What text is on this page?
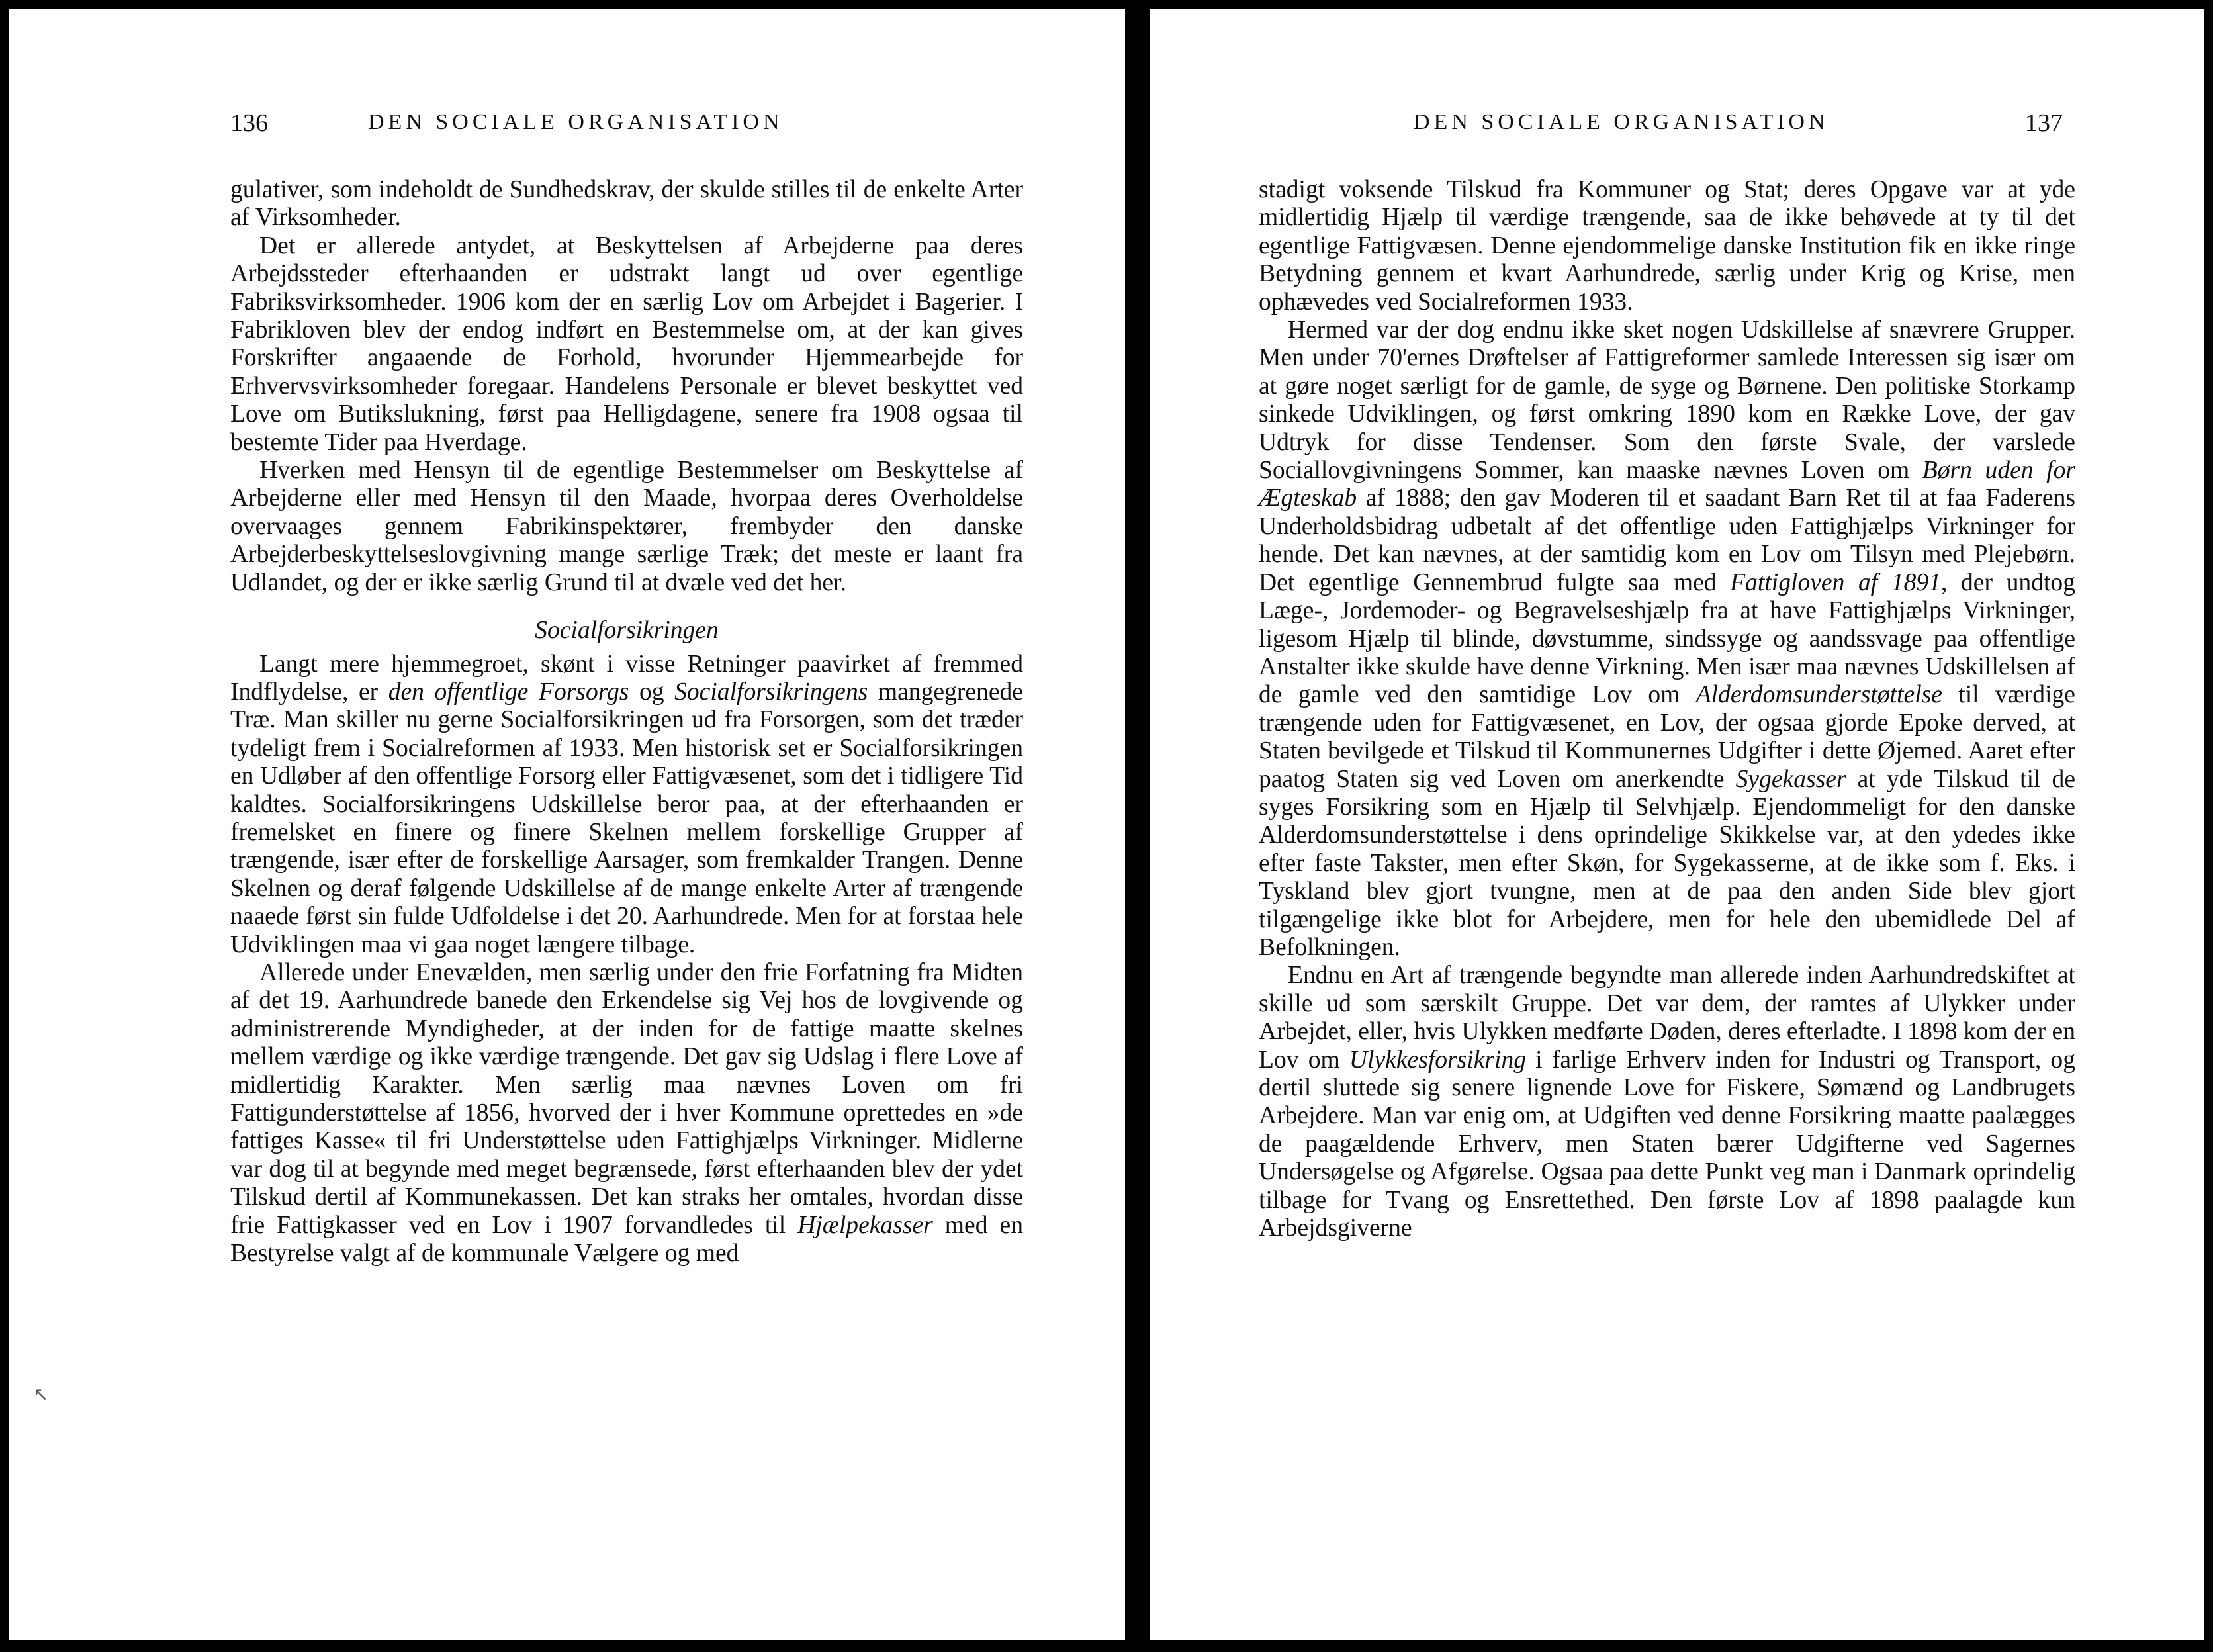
136	DEN SOCIALE ORGANISATION

gulativer, som indeholdt de Sundhedskrav, der skulde stilles til de enkelte Arter af Virksomheder.

Det er allerede antydet, at Beskyttelsen af Arbejderne paa deres Arbejdssteder efterhaanden er udstrakt langt ud over egentlige Fabriksvirksomheder. 1906 kom der en særlig Lov om Arbejdet i Bagerier. I Fabrikloven blev der endog indført en Bestemmelse om, at der kan gives Forskrifter angaaende de Forhold, hvorunder Hjemmearbejde for Erhvervsvirksomheder foregaar. Handelens Personale er blevet beskyttet ved Love om Butikslukning, først paa Helligdagene, senere fra 1908 ogsaa til bestemte Tider paa Hverdage.

Hverken med Hensyn til de egentlige Bestemmelser om Beskyttelse af Arbejderne eller med Hensyn til den Maade, hvorpaa deres Overholdelse overvaages gennem Fabrikinspektører, frembyder den danske Arbejderbeskyttelseslovgivning mange særlige Træk; det meste er laant fra Udlandet, og der er ikke særlig Grund til at dvæle ved det her.

Socialforsikringen

Langt mere hjemmegroet, skønt i visse Retninger paavirket af fremmed Indflydelse, er den offentlige Forsorgs og Socialforsikringens mangegrenede Træ. Man skiller nu gerne Socialforsikringen ud fra Forsorgen, som det træder tydeligt frem i Socialreformen af 1933. Men historisk set er Socialforsikringen en Udløber af den offentlige Forsorg eller Fattigvæsenet, som det i tidligere Tid kaldtes. Socialforsikringens Udskillelse beror paa, at der efterhaanden er fremelsket en finere og finere Skelnen mellem forskellige Grupper af trængende, især efter de forskellige Aarsager, som fremkalder Trangen. Denne Skelnen og deraf følgende Udskillelse af de mange enkelte Arter af trængende naaede først sin fulde Udfoldelse i det 20. Aarhundrede. Men for at forstaa hele Udviklingen maa vi gaa noget længere tilbage.

Allerede under Enevælden, men særlig under den frie Forfatning fra Midten af det 19. Aarhundrede banede den Erkendelse sig Vej hos de lovgivende og administrerende Myndigheder, at der inden for de fattige maatte skelnes mellem værdige og ikke værdige trængende. Det gav sig Udslag i flere Love af midlertidig Karakter. Men særlig maa nævnes Loven om fri Fattigunderstøttelse af 1856, hvorved der i hver Kommune oprettedes en »de fattiges Kasse« til fri Understøttelse uden Fattighjælps Virkninger. Midlerne var dog til at begynde med meget begrænsede, først efterhaanden blev der ydet Tilskud dertil af Kommunekassen. Det kan straks her omtales, hvordan disse frie Fattigkasser ved en Lov i 1907 forvandledes til Hjælpekasser med en Bestyrelse valgt af de kommunale Vælgere og med

↖
DEN SOCIALE ORGANISATION	137

stadigt voksende Tilskud fra Kommuner og Stat; deres Opgave var at yde midlertidig Hjælp til værdige trængende, saa de ikke behøvede at ty til det egentlige Fattigvæsen. Denne ejendommelige danske Institution fik en ikke ringe Betydning gennem et kvart Aarhundrede, særlig under Krig og Krise, men ophævedes ved Socialreformen 1933.

Hermed var der dog endnu ikke sket nogen Udskillelse af snævrere Grupper. Men under 70'ernes Drøftelser af Fattigreformer samlede Interessen sig især om at gøre noget særligt for de gamle, de syge og Børnene. Den politiske Storkamp sinkede Udviklingen, og først omkring 1890 kom en Række Love, der gav Udtryk for disse Tendenser. Som den første Svale, der varslede Sociallovgivningens Sommer, kan maaske nævnes Loven om Børn uden for Ægteskab af 1888; den gav Moderen til et saadant Barn Ret til at faa Faderens Underholdsbidrag udbetalt af det offentlige uden Fattighjælps Virkninger for hende. Det kan nævnes, at der samtidig kom en Lov om Tilsyn med Plejebørn. Det egentlige Gennembrud fulgte saa med Fattigloven af 1891, der undtog Læge-, Jordemoder- og Begravelseshjælp fra at have Fattighjælps Virkninger, ligesom Hjælp til blinde, døvstumme, sindssyge og aandssvage paa offentlige Anstalter ikke skulde have denne Virkning. Men især maa nævnes Udskillelsen af de gamle ved den samtidige Lov om Alderdomsunderstøttelse til værdige trængende uden for Fattigvæsenet, en Lov, der ogsaa gjorde Epoke derved, at Staten bevilgede et Tilskud til Kommunernes Udgifter i dette Øjemed. Aaret efter paatog Staten sig ved Loven om anerkendte Sygekasser at yde Tilskud til de syges Forsikring som en Hjælp til Selvhjælp. Ejendommeligt for den danske Alderdomsunderstøttelse i dens oprindelige Skikkelse var, at den ydedes ikke efter faste Takster, men efter Skøn, for Sygekasserne, at de ikke som f. Eks. i Tyskland blev gjort tvungne, men at de paa den anden Side blev gjort tilgængelige ikke blot for Arbejdere, men for hele den ubemidlede Del af Befolkningen.

Endnu en Art af trængende begyndte man allerede inden Aarhundredskiftet at skille ud som særskilt Gruppe. Det var dem, der ramtes af Ulykker under Arbejdet, eller, hvis Ulykken medførte Døden, deres efterladte. I 1898 kom der en Lov om Ulykkesforsikring i farlige Erhverv inden for Industri og Transport, og dertil sluttede sig senere lignende Love for Fiskere, Sømænd og Landbrugets Arbejdere. Man var enig om, at Udgiften ved denne Forsikring maatte paalægges de paagældende Erhverv, men Staten bærer Udgifterne ved Sagernes Undersøgelse og Afgørelse. Ogsaa paa dette Punkt veg man i Danmark oprindelig tilbage for Tvang og Ensrettethed. Den første Lov af 1898 paalagde kun Arbejdsgiverne
